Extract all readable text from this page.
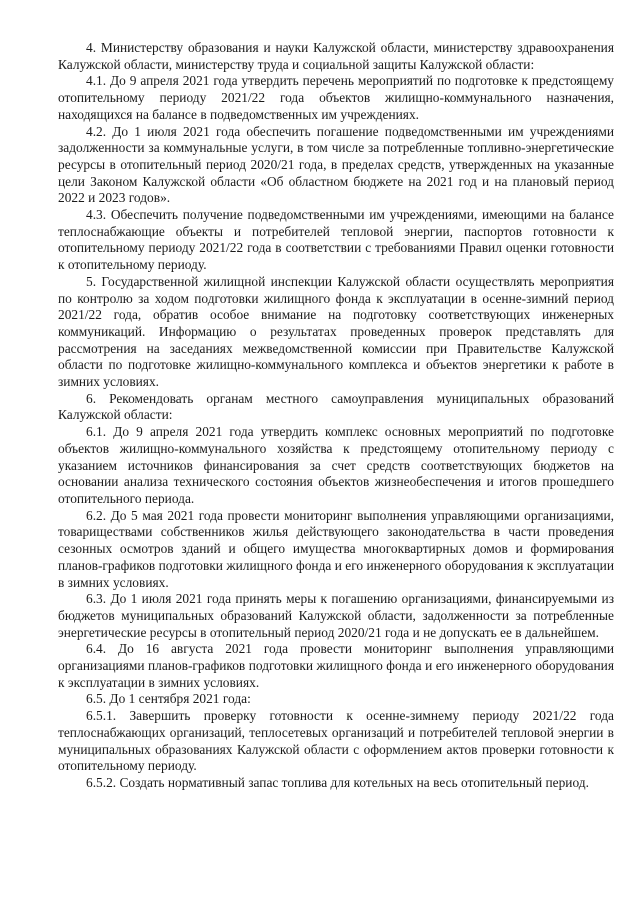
4. Министерству образования и науки Калужской области, министерству здравоохранения Калужской области, министерству труда и социальной защиты Калужской области:

4.1. До 9 апреля 2021 года утвердить перечень мероприятий по подготовке к предстоящему отопительному периоду 2021/22 года объектов жилищно-коммунального назначения, находящихся на балансе в подведомственных им учреждениях.

4.2. До 1 июля 2021 года обеспечить погашение подведомственными им учреждениями задолженности за коммунальные услуги, в том числе за потребленные топливно-энергетические ресурсы в отопительный период 2020/21 года, в пределах средств, утвержденных на указанные цели Законом Калужской области «Об областном бюджете на 2021 год и на плановый период 2022 и 2023 годов».

4.3. Обеспечить получение подведомственными им учреждениями, имеющими на балансе теплоснабжающие объекты и потребителей тепловой энергии, паспортов готовности к отопительному периоду 2021/22 года в соответствии с требованиями Правил оценки готовности к отопительному периоду.

5. Государственной жилищной инспекции Калужской области осуществлять мероприятия по контролю за ходом подготовки жилищного фонда к эксплуатации в осенне-зимний период 2021/22 года, обратив особое внимание на подготовку соответствующих инженерных коммуникаций. Информацию о результатах проведенных проверок представлять для рассмотрения на заседаниях межведомственной комиссии при Правительстве Калужской области по подготовке жилищно-коммунального комплекса и объектов энергетики к работе в зимних условиях.

6. Рекомендовать органам местного самоуправления муниципальных образований Калужской области:

6.1. До 9 апреля 2021 года утвердить комплекс основных мероприятий по подготовке объектов жилищно-коммунального хозяйства к предстоящему отопительному периоду с указанием источников финансирования за счет средств соответствующих бюджетов на основании анализа технического состояния объектов жизнеобеспечения и итогов прошедшего отопительного периода.

6.2. До 5 мая 2021 года провести мониторинг выполнения управляющими организациями, товариществами собственников жилья действующего законодательства в части проведения сезонных осмотров зданий и общего имущества многоквартирных домов и формирования планов-графиков подготовки жилищного фонда и его инженерного оборудования к эксплуатации в зимних условиях.

6.3. До 1 июля 2021 года принять меры к погашению организациями, финансируемыми из бюджетов муниципальных образований Калужской области, задолженности за потребленные энергетические ресурсы в отопительный период 2020/21 года и не допускать ее в дальнейшем.

6.4. До 16 августа 2021 года провести мониторинг выполнения управляющими организациями планов-графиков подготовки жилищного фонда и его инженерного оборудования к эксплуатации в зимних условиях.

6.5. До 1 сентября 2021 года:

6.5.1. Завершить проверку готовности к осенне-зимнему периоду 2021/22 года теплоснабжающих организаций, теплосетевых организаций и потребителей тепловой энергии в муниципальных образованиях Калужской области с оформлением актов проверки готовности к отопительному периоду.

6.5.2. Создать нормативный запас топлива для котельных на весь отопительный период.
